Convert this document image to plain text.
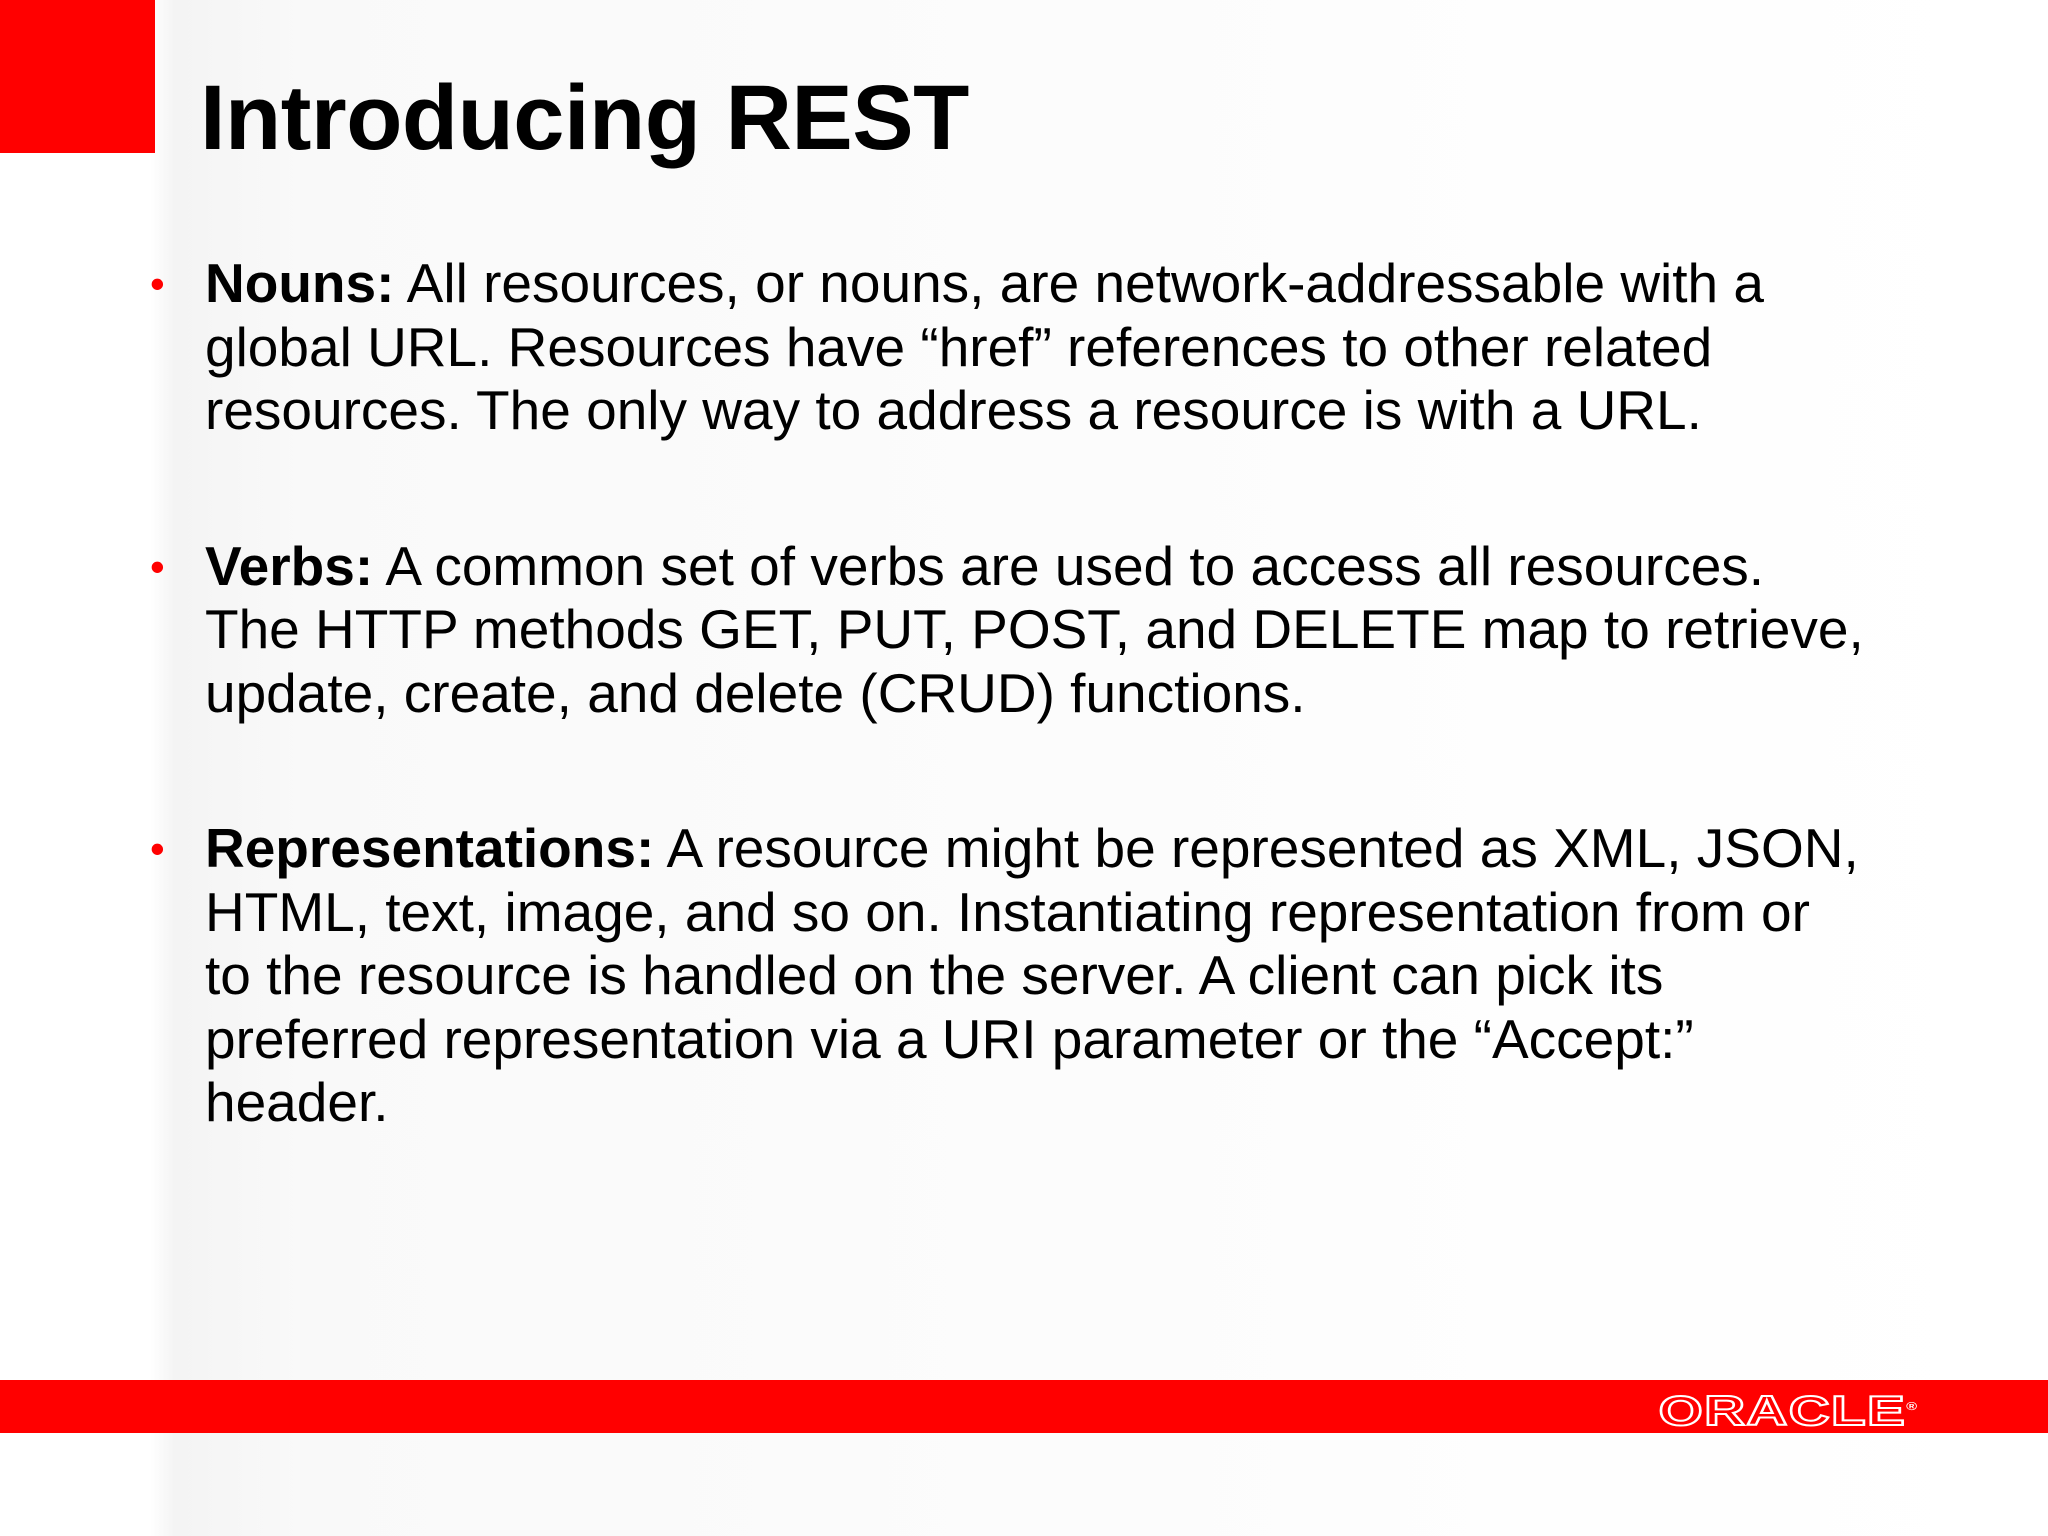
Introducing REST
• Nouns: All resources, or nouns, are network-addressable with a global URL. Resources have “href” references to other related resources. The only way to address a resource is with a URL.
• Verbs: A common set of verbs are used to access all resources. The HTTP methods GET, PUT, POST, and DELETE map to retrieve, update, create, and delete (CRUD) functions.
• Representations: A resource might be represented as XML, JSON, HTML, text, image, and so on. Instantiating representation from or to the resource is handled on the server. A client can pick its preferred representation via a URI parameter or the “Accept:” header.
ORACLE®
